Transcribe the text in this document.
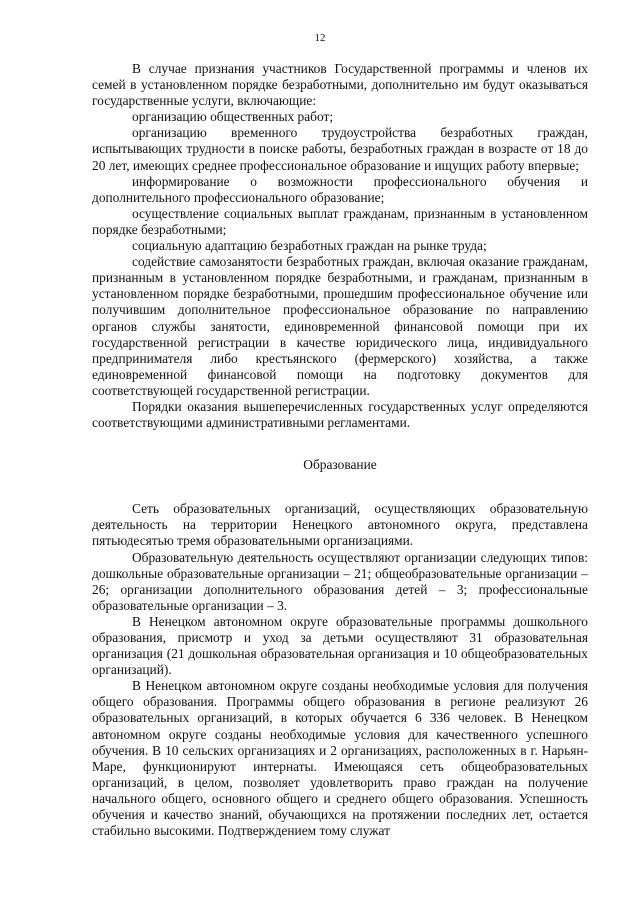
12

В случае признания участников Государственной программы и членов их семей в установленном порядке безработными, дополнительно им будут оказываться государственные услуги, включающие:

организацию общественных работ;

организацию временного трудоустройства безработных граждан, испытывающих трудности в поиске работы, безработных граждан в возрасте от 18 до 20 лет, имеющих среднее профессиональное образование и ищущих работу впервые;

информирование о возможности профессионального обучения и дополнительного профессионального образование;

осуществление социальных выплат гражданам, признанным в установленном порядке безработными;

социальную адаптацию безработных граждан на рынке труда;

содействие самозанятости безработных граждан, включая оказание гражданам, признанным в установленном порядке безработными, и гражданам, признанным в установленном порядке безработными, прошедшим профессиональное обучение или получившим дополнительное профессиональное образование по направлению органов службы занятости, единовременной финансовой помощи при их государственной регистрации в качестве юридического лица, индивидуального предпринимателя либо крестьянского (фермерского) хозяйства, а также единовременной финансовой помощи на подготовку документов для соответствующей государственной регистрации.

Порядки оказания вышеперечисленных государственных услуг определяются соответствующими административными регламентами.

Образование

Сеть образовательных организаций, осуществляющих образовательную деятельность на территории Ненецкого автономного округа, представлена пятьюдесятью тремя образовательными организациями.

Образовательную деятельность осуществляют организации следующих типов: дошкольные образовательные организации – 21; общеобразовательные организации – 26; организации дополнительного образования детей – 3; профессиональные образовательные организации – 3.

В Ненецком автономном округе образовательные программы дошкольного образования, присмотр и уход за детьми осуществляют 31 образовательная организация (21 дошкольная образовательная организация и 10 общеобразовательных организаций).

В Ненецком автономном округе созданы необходимые условия для получения общего образования. Программы общего образования в регионе реализуют 26 образовательных организаций, в которых обучается 6 336 человек. В Ненецком автономном округе созданы необходимые условия для качественного успешного обучения. В 10 сельских организациях и 2 организациях, расположенных в г. Нарьян-Маре, функционируют интернаты. Имеющаяся сеть общеобразовательных организаций, в целом, позволяет удовлетворить право граждан на получение начального общего, основного общего и среднего общего образования. Успешность обучения и качество знаний, обучающихся на протяжении последних лет, остается стабильно высокими. Подтверждением тому служат
